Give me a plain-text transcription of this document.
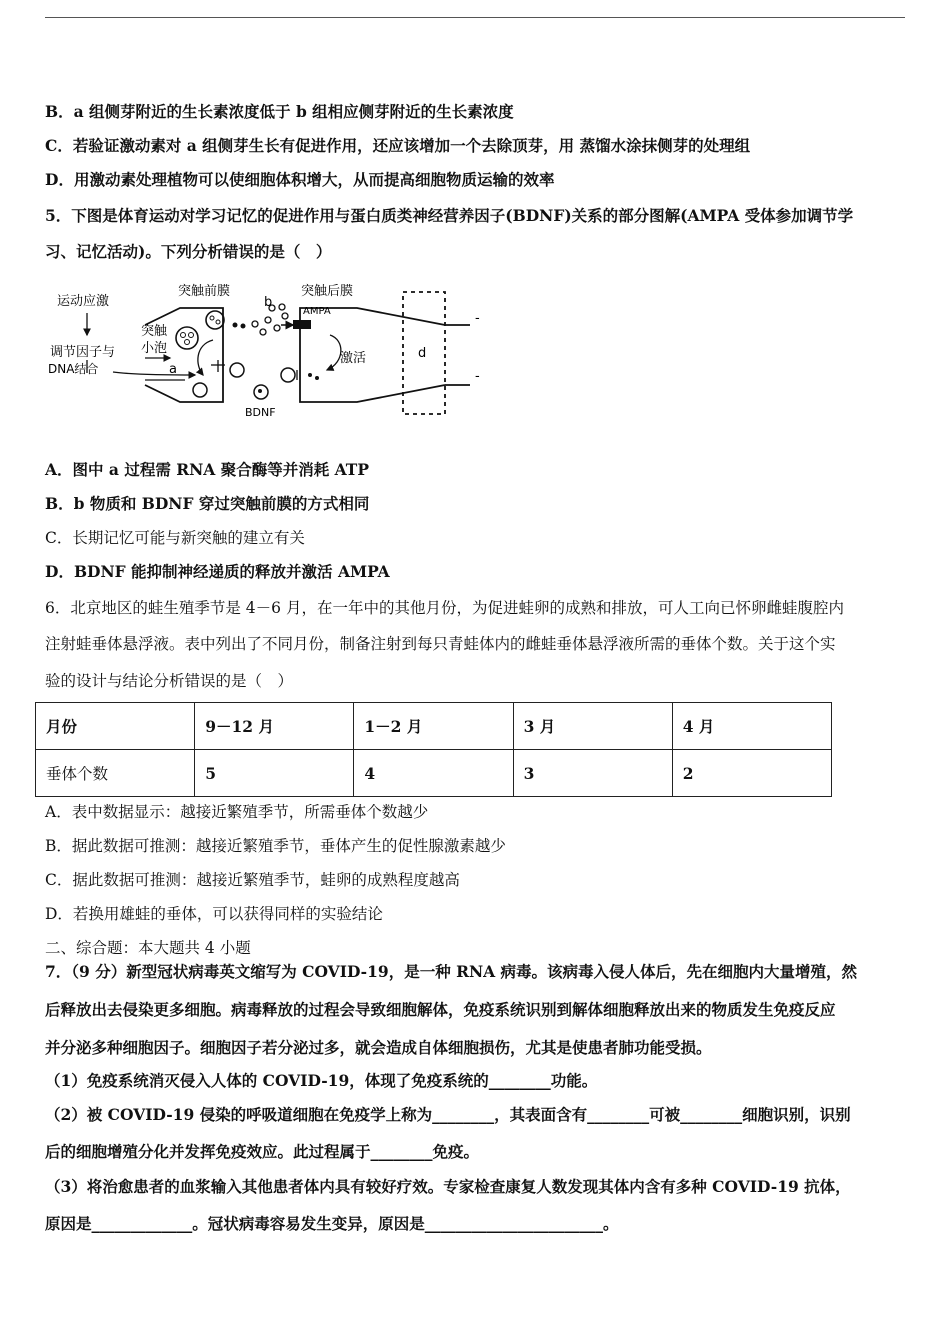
B．a 组侧芽附近的生长素浓度低于 b 组相应侧芽附近的生长素浓度
C．若验证激动素对 a 组侧芽生长有促进作用，还应该增加一个去除顶芽，用 蒸馏水涂抹侧芽的处理组
D．用激动素处理植物可以使细胞体积增大，从而提高细胞物质运输的效率
5．下图是体育运动对学习记忆的促进作用与蛋白质类神经营养因子(BDNF)关系的部分图解(AMPA 受体参加调节学
习、记忆活动)。下列分析错误的是（　）
运动应激
调节因子与
DNA结合
突触
小泡
突触前膜	突触后膜
AMPA
b
a
BDNF
激活	d
-
-
A．图中 a 过程需 RNA 聚合酶等并消耗 ATP
B．b 物质和 BDNF 穿过突触前膜的方式相同
C．长期记忆可能与新突触的建立有关
D．BDNF 能抑制神经递质的释放并激活 AMPA
6．北京地区的蛙生殖季节是 4－6 月，在一年中的其他月份，为促进蛙卵的成熟和排放，可人工向已怀卵雌蛙腹腔内
注射蛙垂体悬浮液。表中列出了不同月份，制备注射到每只青蛙体内的雌蛙垂体悬浮液所需的垂体个数。关于这个实
验的设计与结论分析错误的是（　）
月份	9－12 月	1－2 月	3 月	4 月
垂体个数	5	4	3	2
A．表中数据显示：越接近繁殖季节，所需垂体个数越少
B．据此数据可推测：越接近繁殖季节，垂体产生的促性腺激素越少
C．据此数据可推测：越接近繁殖季节，蛙卵的成熟程度越高
D．若换用雄蛙的垂体，可以获得同样的实验结论
二、综合题：本大题共 4 小题
7．（9 分）新型冠状病毒英文缩写为 COVID-19，是一种 RNA 病毒。该病毒入侵人体后，先在细胞内大量增殖，然
后释放出去侵染更多细胞。病毒释放的过程会导致细胞解体，免疫系统识别到解体细胞释放出来的物质发生免疫反应
并分泌多种细胞因子。细胞因子若分泌过多，就会造成自体细胞损伤，尤其是使患者肺功能受损。
（1）免疫系统消灭侵入人体的 COVID-19，体现了免疫系统的________功能。
（2）被 COVID-19 侵染的呼吸道细胞在免疫学上称为________，其表面含有________可被________细胞识别，识别
后的细胞增殖分化并发挥免疫效应。此过程属于________免疫。
（3）将治愈患者的血浆输入其他患者体内具有较好疗效。专家检查康复人数发现其体内含有多种 COVID-19 抗体，
原因是_____________。冠状病毒容易发生变异，原因是_______________________。
